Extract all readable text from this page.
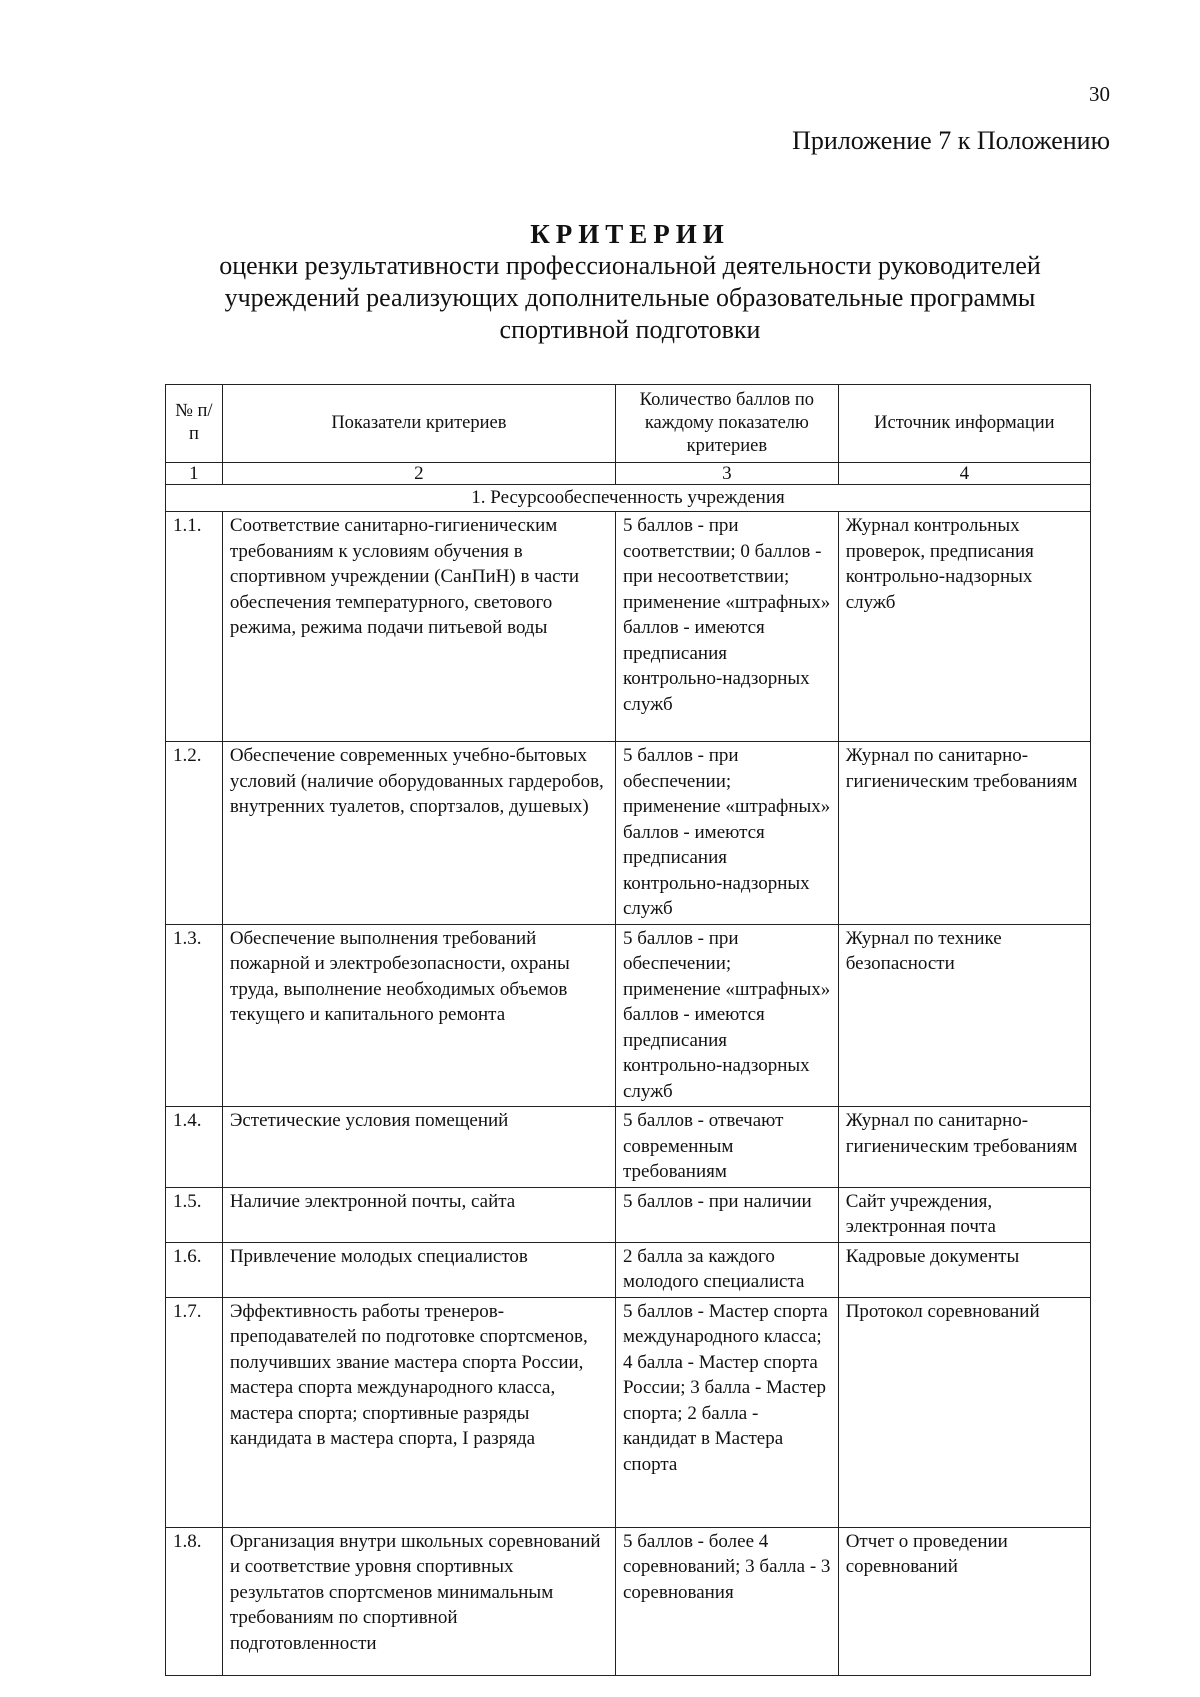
30
Приложение 7 к Положению

КРИТЕРИИ

оценки результативности профессиональной деятельности руководителей

учреждений реализующих дополнительные образовательные программы

спортивной подготовки

№ п/п	Показатели критериев	Количество баллов по каждому показателю критериев	Источник информации
1	2	3	4
1. Ресурсообеспеченность учреждения			
1.1.	Соответствие санитарно-гигиеническим требованиям к условиям обучения в спортивном учреждении (СанПиН) в части обеспечения температурного, светового режима, режима подачи питьевой воды	5 баллов - при соответствии; 0 баллов - при несоответствии; применение «штрафных» баллов - имеются предписания контрольно-надзорных служб	Журнал контрольных проверок, предписания контрольно-надзорных служб
1.2.	Обеспечение современных учебно-бытовых условий (наличие оборудованных гардеробов, внутренних туалетов, спортзалов, душевых)	5 баллов - при обеспечении; применение «штрафных» баллов - имеются предписания контрольно-надзорных служб	Журнал по санитарно-гигиеническим требованиям
1.3.	Обеспечение выполнения требований пожарной и электробезопасности, охраны труда, выполнение необходимых объемов текущего и капитального ремонта	5 баллов - при обеспечении; применение «штрафных» баллов - имеются предписания контрольно-надзорных служб	Журнал по технике безопасности
1.4.	Эстетические условия помещений	5 баллов - отвечают современным требованиям	Журнал по санитарно-гигиеническим требованиям
1.5.	Наличие электронной почты, сайта	5 баллов - при наличии	Сайт учреждения, электронная почта
1.6.	Привлечение молодых специалистов	2 балла за каждого молодого специалиста	Кадровые документы
1.7.	Эффективность работы тренеров-преподавателей по подготовке спортсменов, получивших звание мастера спорта России, мастера спорта международного класса, мастера спорта; спортивные разряды кандидата в мастера спорта, I разряда	5 баллов - Мастер спорта международного класса; 4 балла - Мастер спорта России; 3 балла - Мастер спорта; 2 балла - кандидат в Мастера спорта	Протокол соревнований
1.8.	Организация внутри школьных соревнований и соответствие уровня спортивных результатов спортсменов минимальным требованиям по спортивной подготовленности	5 баллов - более 4 соревнований; 3 балла - 3 соревнования	Отчет о проведении соревнований
